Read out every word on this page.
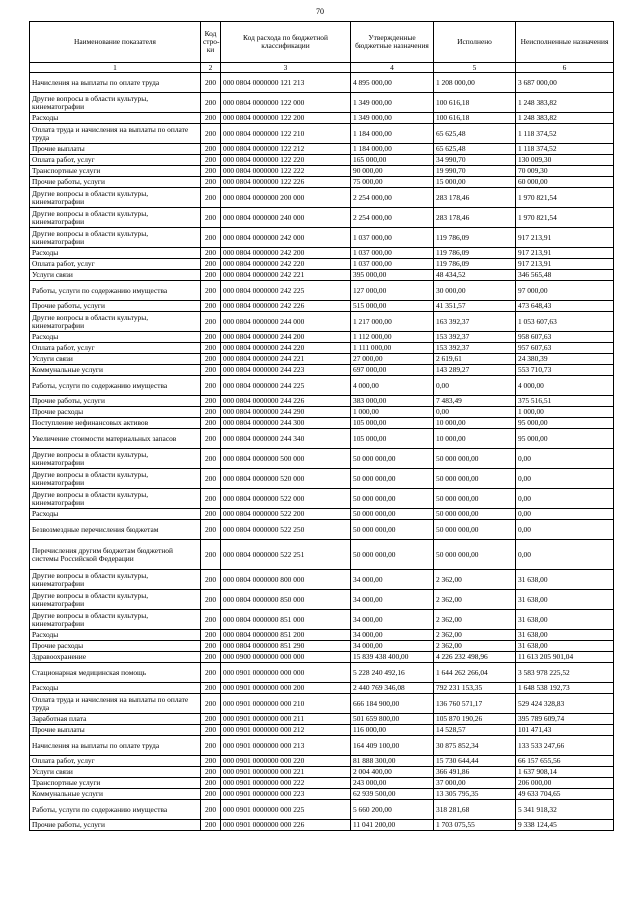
70
Наименование показателя	Код стро-ки	Код расхода по бюджетной классификации	Утвержденные бюджетные назначения	Исполнено	Неисполненные назначения
1	2	3	4	5	6
Начисления на выплаты по оплате труда	200	000 0804 0000000 121 213	4 895 000,00	1 208 000,00	3 687 000,00
Другие вопросы в области культуры, кинематографии	200	000 0804 0000000 122 000	1 349 000,00	100 616,18	1 248 383,82
Расходы	200	000 0804 0000000 122 200	1 349 000,00	100 616,18	1 248 383,82
Оплата труда и начисления на выплаты по оплате труда	200	000 0804 0000000 122 210	1 184 000,00	65 625,48	1 118 374,52
Прочие выплаты	200	000 0804 0000000 122 212	1 184 000,00	65 625,48	1 118 374,52
Оплата работ, услуг	200	000 0804 0000000 122 220	165 000,00	34 990,70	130 009,30
Транспортные услуги	200	000 0804 0000000 122 222	90 000,00	19 990,70	70 009,30
Прочие работы, услуги	200	000 0804 0000000 122 226	75 000,00	15 000,00	60 000,00
Другие вопросы в области культуры, кинематографии	200	000 0804 0000000 200 000	2 254 000,00	283 178,46	1 970 821,54
Другие вопросы в области культуры, кинематографии	200	000 0804 0000000 240 000	2 254 000,00	283 178,46	1 970 821,54
Другие вопросы в области культуры, кинематографии	200	000 0804 0000000 242 000	1 037 000,00	119 786,09	917 213,91
Расходы	200	000 0804 0000000 242 200	1 037 000,00	119 786,09	917 213,91
Оплата работ, услуг	200	000 0804 0000000 242 220	1 037 000,00	119 786,09	917 213,91
Услуги связи	200	000 0804 0000000 242 221	395 000,00	48 434,52	346 565,48
Работы, услуги по содержанию имущества	200	000 0804 0000000 242 225	127 000,00	30 000,00	97 000,00
Прочие работы, услуги	200	000 0804 0000000 242 226	515 000,00	41 351,57	473 648,43
Другие вопросы в области культуры, кинематографии	200	000 0804 0000000 244 000	1 217 000,00	163 392,37	1 053 607,63
Расходы	200	000 0804 0000000 244 200	1 112 000,00	153 392,37	958 607,63
Оплата работ, услуг	200	000 0804 0000000 244 220	1 111 000,00	153 392,37	957 607,63
Услуги связи	200	000 0804 0000000 244 221	27 000,00	2 619,61	24 380,39
Коммунальные услуги	200	000 0804 0000000 244 223	697 000,00	143 289,27	553 710,73
Работы, услуги по содержанию имущества	200	000 0804 0000000 244 225	4 000,00	0,00	4 000,00
Прочие работы, услуги	200	000 0804 0000000 244 226	383 000,00	7 483,49	375 516,51
Прочие расходы	200	000 0804 0000000 244 290	1 000,00	0,00	1 000,00
Поступление нефинансовых активов	200	000 0804 0000000 244 300	105 000,00	10 000,00	95 000,00
Увеличение стоимости материальных запасов	200	000 0804 0000000 244 340	105 000,00	10 000,00	95 000,00
Другие вопросы в области культуры, кинематографии	200	000 0804 0000000 500 000	50 000 000,00	50 000 000,00	0,00
Другие вопросы в области культуры, кинематографии	200	000 0804 0000000 520 000	50 000 000,00	50 000 000,00	0,00
Другие вопросы в области культуры, кинематографии	200	000 0804 0000000 522 000	50 000 000,00	50 000 000,00	0,00
Расходы	200	000 0804 0000000 522 200	50 000 000,00	50 000 000,00	0,00
Безвозмездные перечисления бюджетам	200	000 0804 0000000 522 250	50 000 000,00	50 000 000,00	0,00
Перечисления другим бюджетам бюджетной системы Российской Федерации	200	000 0804 0000000 522 251	50 000 000,00	50 000 000,00	0,00
Другие вопросы в области культуры, кинематографии	200	000 0804 0000000 800 000	34 000,00	2 362,00	31 638,00
Другие вопросы в области культуры, кинематографии	200	000 0804 0000000 850 000	34 000,00	2 362,00	31 638,00
Другие вопросы в области культуры, кинематографии	200	000 0804 0000000 851 000	34 000,00	2 362,00	31 638,00
Расходы	200	000 0804 0000000 851 200	34 000,00	2 362,00	31 638,00
Прочие расходы	200	000 0804 0000000 851 290	34 000,00	2 362,00	31 638,00
Здравоохранение	200	000 0900 0000000 000 000	15 839 438 400,00	4 226 232 498,96	11 613 205 901,04
Стационарная медицинская помощь	200	000 0901 0000000 000 000	5 228 240 492,16	1 644 262 266,04	3 583 978 225,52
Расходы	200	000 0901 0000000 000 200	2 440 769 346,08	792 231 153,35	1 648 538 192,73
Оплата труда и начисления на выплаты по оплате труда	200	000 0901 0000000 000 210	666 184 900,00	136 760 571,17	529 424 328,83
Заработная плата	200	000 0901 0000000 000 211	501 659 800,00	105 870 190,26	395 789 609,74
Прочие выплаты	200	000 0901 0000000 000 212	116 000,00	14 528,57	101 471,43
Начисления на выплаты по оплате труда	200	000 0901 0000000 000 213	164 409 100,00	30 875 852,34	133 533 247,66
Оплата работ, услуг	200	000 0901 0000000 000 220	81 888 300,00	15 730 644,44	66 157 655,56
Услуги связи	200	000 0901 0000000 000 221	2 004 400,00	366 491,86	1 637 908,14
Транспортные услуги	200	000 0901 0000000 000 222	243 000,00	37 000,00	206 000,00
Коммунальные услуги	200	000 0901 0000000 000 223	62 939 500,00	13 305 795,35	49 633 704,65
Работы, услуги по содержанию имущества	200	000 0901 0000000 000 225	5 660 200,00	318 281,68	5 341 918,32
Прочие работы, услуги	200	000 0901 0000000 000 226	11 041 200,00	1 703 075,55	9 338 124,45
